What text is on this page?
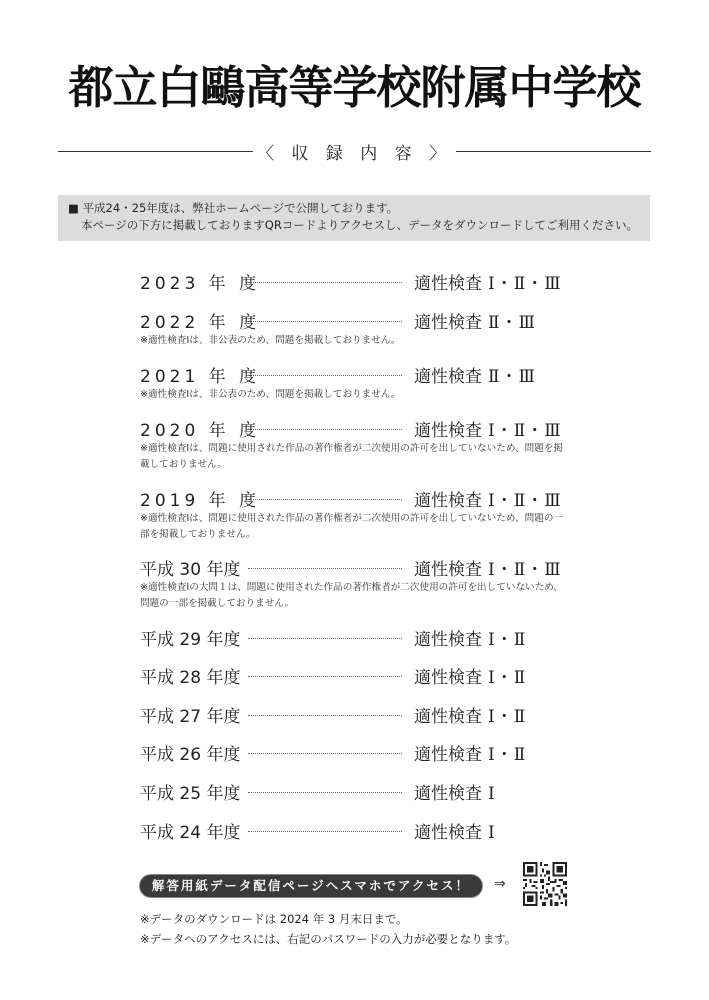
都立白鷗高等学校附属中学校
〈 収 録 内 容 〉
■ 平成24・25年度は、弊社ホームページで公開しております。
本ページの下方に掲載しておりますQRコードよりアクセスし、データをダウンロードしてご利用ください。
2023 年 度	適性検査 Ⅰ・Ⅱ・Ⅲ
2022 年 度	適性検査 Ⅱ・Ⅲ
※適性検査Ⅰは、非公表のため、問題を掲載しておりません。
2021 年 度	適性検査 Ⅱ・Ⅲ
※適性検査Ⅰは、非公表のため、問題を掲載しておりません。
2020 年 度	適性検査 Ⅰ・Ⅱ・Ⅲ
※適性検査Ⅰは、問題に使用された作品の著作権者が二次使用の許可を出していないため、問題を掲載しておりません。
2019 年 度	適性検査 Ⅰ・Ⅱ・Ⅲ
※適性検査Ⅰは、問題に使用された作品の著作権者が二次使用の許可を出していないため、問題の一部を掲載しておりません。
平成 30 年度	適性検査 Ⅰ・Ⅱ・Ⅲ
※適性検査Ⅰの大問１は、問題に使用された作品の著作権者が二次使用の許可を出していないため、問題の一部を掲載しておりません。
平成 29 年度	適性検査 Ⅰ・Ⅱ
平成 28 年度	適性検査 Ⅰ・Ⅱ
平成 27 年度	適性検査 Ⅰ・Ⅱ
平成 26 年度	適性検査 Ⅰ・Ⅱ
平成 25 年度	適性検査 Ⅰ
平成 24 年度	適性検査 Ⅰ
解答用紙データ配信ページへスマホでアクセス！	⇒
※データのダウンロードは 2024 年 3 月末日まで。
※データへのアクセスには、右記のパスワードの入力が必要となります。
